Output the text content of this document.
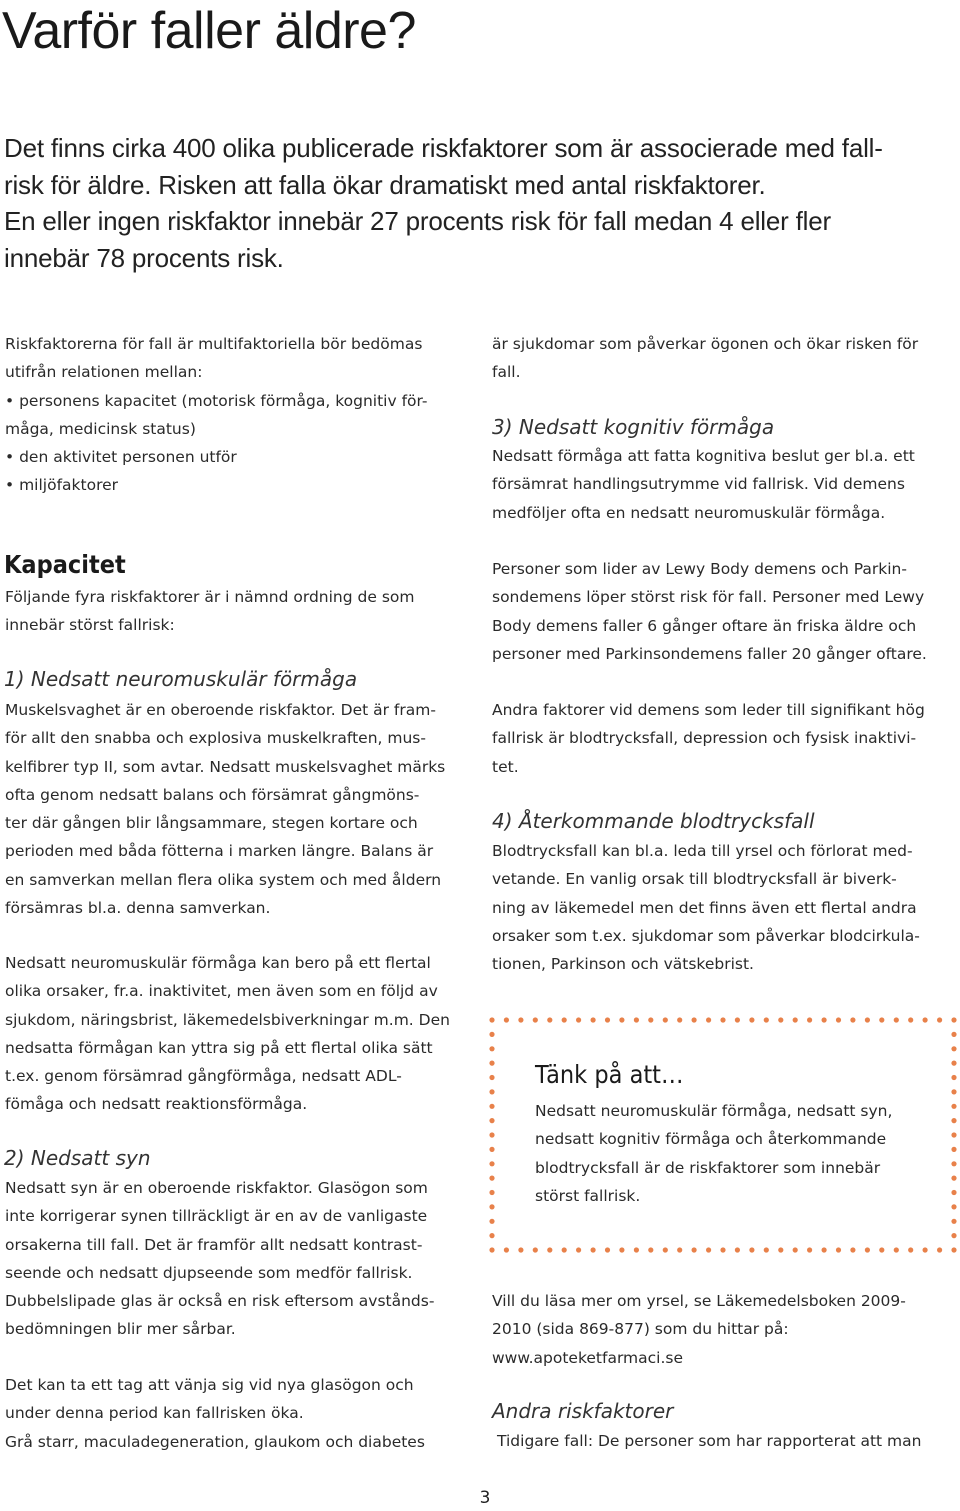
Varför faller äldre?
Det finns cirka 400 olika publicerade riskfaktorer som är associerade med fall-
risk för äldre. Risken att falla ökar dramatiskt med antal riskfaktorer.
En eller ingen riskfaktor innebär 27 procents risk för fall medan 4 eller fler
innebär 78 procents risk.
Riskfaktorerna för fall är multifaktoriella bör bedömas
utifrån relationen mellan:
• personens kapacitet (motorisk förmåga, kognitiv för-
måga, medicinsk status)
• den aktivitet personen utför
• miljöfaktorer
Kapacitet
Följande fyra riskfaktorer är i nämnd ordning de som
innebär störst fallrisk:
1) Nedsatt neuromuskulär förmåga
Muskelsvaghet är en oberoende riskfaktor. Det är fram-
för allt den snabba och explosiva muskelkraften, mus-
kelfibrer typ II, som avtar. Nedsatt muskelsvaghet märks
ofta genom nedsatt balans och försämrat gångmöns-
ter där gången blir långsammare, stegen kortare och
perioden med båda fötterna i marken längre. Balans är
en samverkan mellan flera olika system och med åldern
försämras bl.a. denna samverkan.
Nedsatt neuromuskulär förmåga kan bero på ett flertal
olika orsaker, fr.a. inaktivitet, men även som en följd av
sjukdom, näringsbrist, läkemedelsbiverkningar m.m. Den
nedsatta förmågan kan yttra sig på ett flertal olika sätt
t.ex. genom försämrad gångförmåga, nedsatt ADL-
fömåga och nedsatt reaktionsförmåga.
2) Nedsatt syn
Nedsatt syn är en oberoende riskfaktor. Glasögon som
inte korrigerar synen tillräckligt är en av de vanligaste
orsakerna till fall. Det är framför allt nedsatt kontrast-
seende och nedsatt djupseende som medför fallrisk.
Dubbelslipade glas är också en risk eftersom avstånds-
bedömningen blir mer sårbar.
Det kan ta ett tag att vänja sig vid nya glasögon och
under denna period kan fallrisken öka.
Grå starr, maculadegeneration, glaukom och diabetes
är sjukdomar som påverkar ögonen och ökar risken för
fall.
3) Nedsatt kognitiv förmåga
Nedsatt förmåga att fatta kognitiva beslut ger bl.a. ett
försämrat handlingsutrymme vid fallrisk. Vid demens
medföljer ofta en nedsatt neuromuskulär förmåga.
Personer som lider av Lewy Body demens och Parkin-
sondemens löper störst risk för fall. Personer med Lewy
Body demens faller 6 gånger oftare än friska äldre och
personer med Parkinsondemens faller 20 gånger oftare.
Andra faktorer vid demens som leder till signifikant hög
fallrisk är blodtrycksfall, depression och fysisk inaktivi-
tet.
4) Återkommande blodtrycksfall
Blodtrycksfall kan bl.a. leda till yrsel och förlorat med-
vetande. En vanlig orsak till blodtrycksfall är biverk-
ning av läkemedel men det finns även ett flertal andra
orsaker som t.ex. sjukdomar som påverkar blodcirkula-
tionen, Parkinson och vätskebrist.
Tänk på att…
Nedsatt neuromuskulär förmåga, nedsatt syn,
nedsatt kognitiv förmåga och återkommande
blodtrycksfall är de riskfaktorer som innebär
störst fallrisk.
Vill du läsa mer om yrsel, se Läkemedelsboken 2009-
2010 (sida 869-877) som du hittar på:
www.apoteketfarmaci.se
Andra riskfaktorer
Tidigare fall: De personer som har rapporterat att man
3
